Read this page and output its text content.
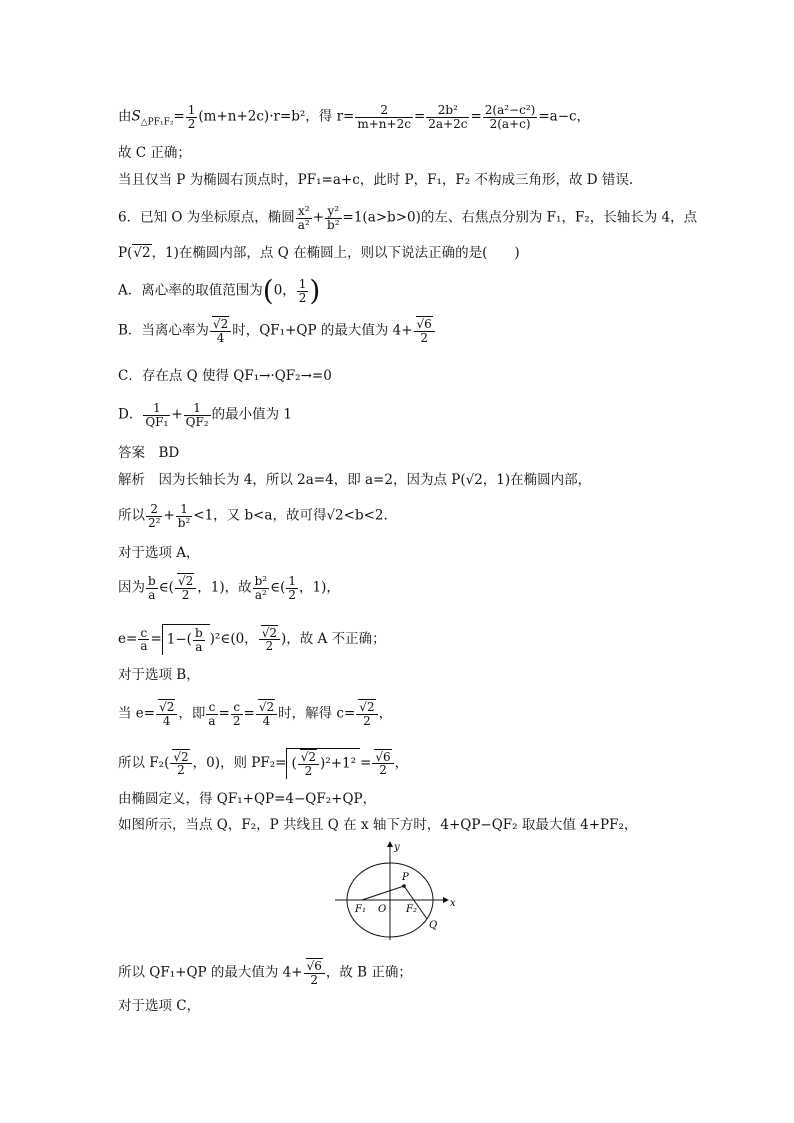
由$S_{\triangle PF_1F_2}= \frac{1}{2} (m+n+2c)\cdot r=b^2$，得 $r= \frac{2}{m+n+2c} = \frac{\text{2b²}}{2a+2c} = \frac{\text{2(a²−c²)}}{2(a+c)} =a-c$，
故 C 正确；
当且仅当 P 为椭圆右顶点时，PF₁=a+c，此时 P，F₁，F₂ 不构成三角形，故 D 错误.
6．已知 O 为坐标原点，椭圆 $\frac{\text{x²}}{\text{a²}} + \frac{\text{y²}}{\text{b²}} =1(a>b>0)$的左、右焦点分别为 F₁，F₂，长轴长为 4，点
P( √ 2，1)在椭圆内部，点 Q 在椭圆上，则以下说法正确的是(　　)
A．离心率的取值范围为(0， $\frac{1}{2}$ )
B．当离心率为 √ $\frac{2}{4}$ 时，QF₁+QP 的最大值为 4+ √ $\frac{6}{2}$
C．存在点 Q 使得 QF₁→·QF₂→=0
D． $\frac{1}{\text{QF₁}} + \frac{1}{\text{QF₂}}$ 的最小值为 1
答案　BD
解析　因为长轴长为 4，所以 2a=4，即 a=2，因为点 P(√2，1)在椭圆内部，
所以 $\frac{2}{\text{2²}} + \frac{1}{\text{b²}} <1$，又 b<a，故可得√2<b<2.
对于选项 A，
因为 $\frac{b}{a}$ ∈( √ $\frac{2}{2}$ ，1)，故 $\frac{\text{b²}}{\text{a²}}$ ∈( $\frac{1}{2}$ ，1)，
$e= \frac{c}{a} = 1-( \frac{b}{a}$ )²∈(0， √ $\frac{2}{2}$ )，故 A 不正确；
对于选项 B，
当 e= √ $\frac{2}{4}$ ，即 $\frac{c}{a} = \frac{c}{2}$ = √ $\frac{2}{4}$ 时，解得 c= √ $\frac{2}{2}$ ，
所以 F₂( √ $\frac{2}{2}$ ，0)，则 PF₂= ( √ $\frac{2}{2} )^2+1^2$ = √ $\frac{6}{2}$ ，
由椭圆定义，得 QF₁+QP=4−QF₂+QP，
如图所示，当点 Q，F₂，P 共线且 Q 在 x 轴下方时，4+QP−QF₂ 取最大值 4+PF₂，
y
x
P
O
F₁	F₂
Q
所以 QF₁+QP 的最大值为 4+ √ $\frac{6}{2}$ ，故 B 正确；
对于选项 C，
